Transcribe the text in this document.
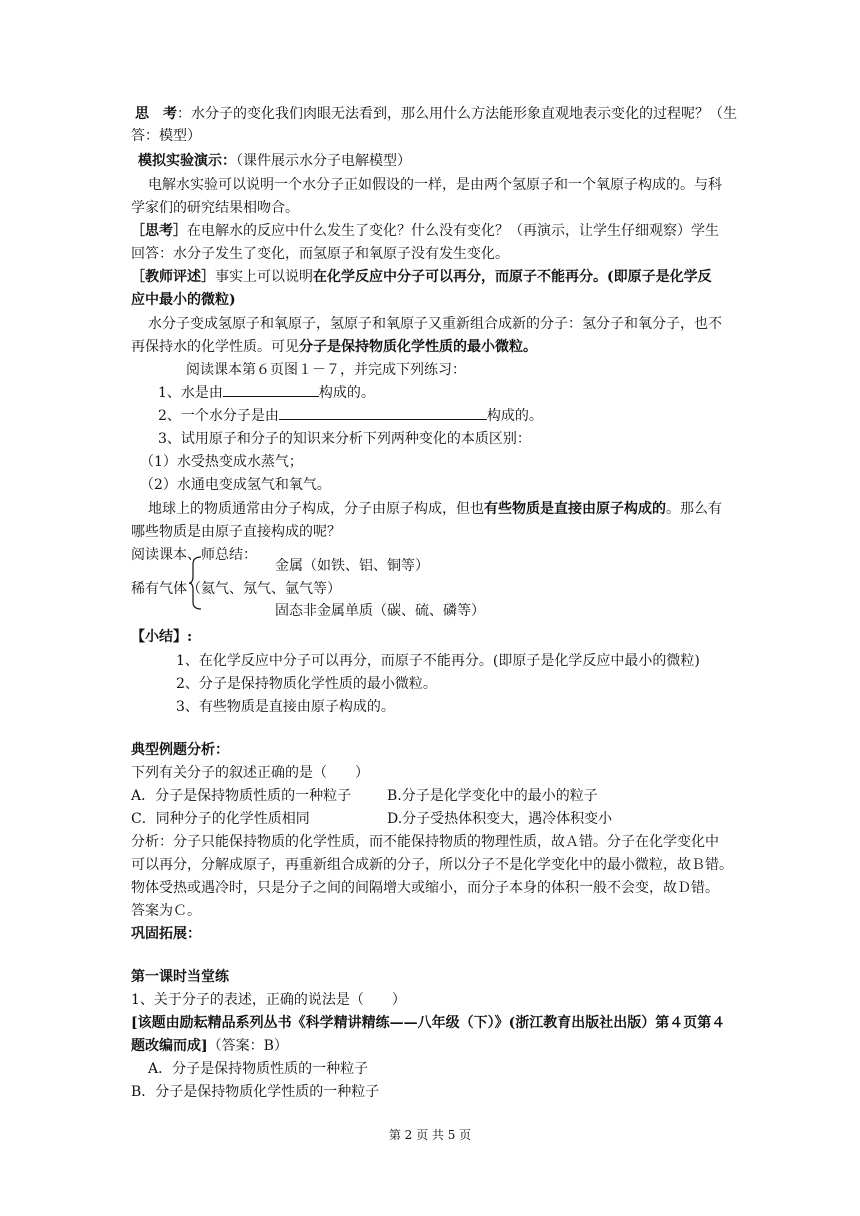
思　考：水分子的变化我们肉眼无法看到，那么用什么方法能形象直观地表示变化的过程呢？（生
答：模型）
模拟实验演示：（课件展示水分子电解模型）
电解水实验可以说明一个水分子正如假设的一样，是由两个氢原子和一个氧原子构成的。与科
学家们的研究结果相吻合。
［思考］在电解水的反应中什么发生了变化？什么没有变化？（再演示，让学生仔细观察）学生
回答：水分子发生了变化，而氢原子和氧原子没有发生变化。
［教师评述］事实上可以说明在化学反应中分子可以再分，而原子不能再分。(即原子是化学反
应中最小的微粒)
水分子变成氢原子和氧原子，氢原子和氧原子又重新组合成新的分子：氢分子和氧分子，也不
再保持水的化学性质。可见分子是保持物质化学性质的最小微粒。
阅读课本第６页图１－７，并完成下列练习：
1、水是由	构成的。
2、一个水分子是由	构成的。
3、试用原子和分子的知识来分析下列两种变化的本质区别：
（1）水受热变成水蒸气；
（2）水通电变成氢气和氧气。
地球上的物质通常由分子构成，分子由原子构成，但也有些物质是直接由原子构成的。那么有
哪些物质是由原子直接构成的呢？
阅读课本、师总结：
金属（如铁、铝、铜等）
稀有气体（氦气、氖气、氩气等）
固态非金属单质（碳、硫、磷等）
【小结】:
1、在化学反应中分子可以再分，而原子不能再分。(即原子是化学反应中最小的微粒)
2、分子是保持物质化学性质的最小微粒。
3、有些物质是直接由原子构成的。
典型例题分析：
下列有关分子的叙述正确的是（　　）
A．分子是保持物质性质的一种粒子	B.分子是化学变化中的最小的粒子
C．同种分子的化学性质相同	D.分子受热体积变大，遇冷体积变小
分析：分子只能保持物质的化学性质，而不能保持物质的物理性质，故Ａ错。分子在化学变化中
可以再分，分解成原子，再重新组合成新的分子，所以分子不是化学变化中的最小微粒，故Ｂ错。
物体受热或遇冷时，只是分子之间的间隔增大或缩小，而分子本身的体积一般不会变，故Ｄ错。
答案为Ｃ。
巩固拓展：
第一课时当堂练
1、关于分子的表述，正确的说法是（　　）
[该题由励耘精品系列丛书《科学精讲精练——八年级（下）》(浙江教育出版社出版）第４页第４
题改编而成]（答案：B）
A．分子是保持物质性质的一种粒子
B．分子是保持物质化学性质的一种粒子
第 2 页 共 5 页
